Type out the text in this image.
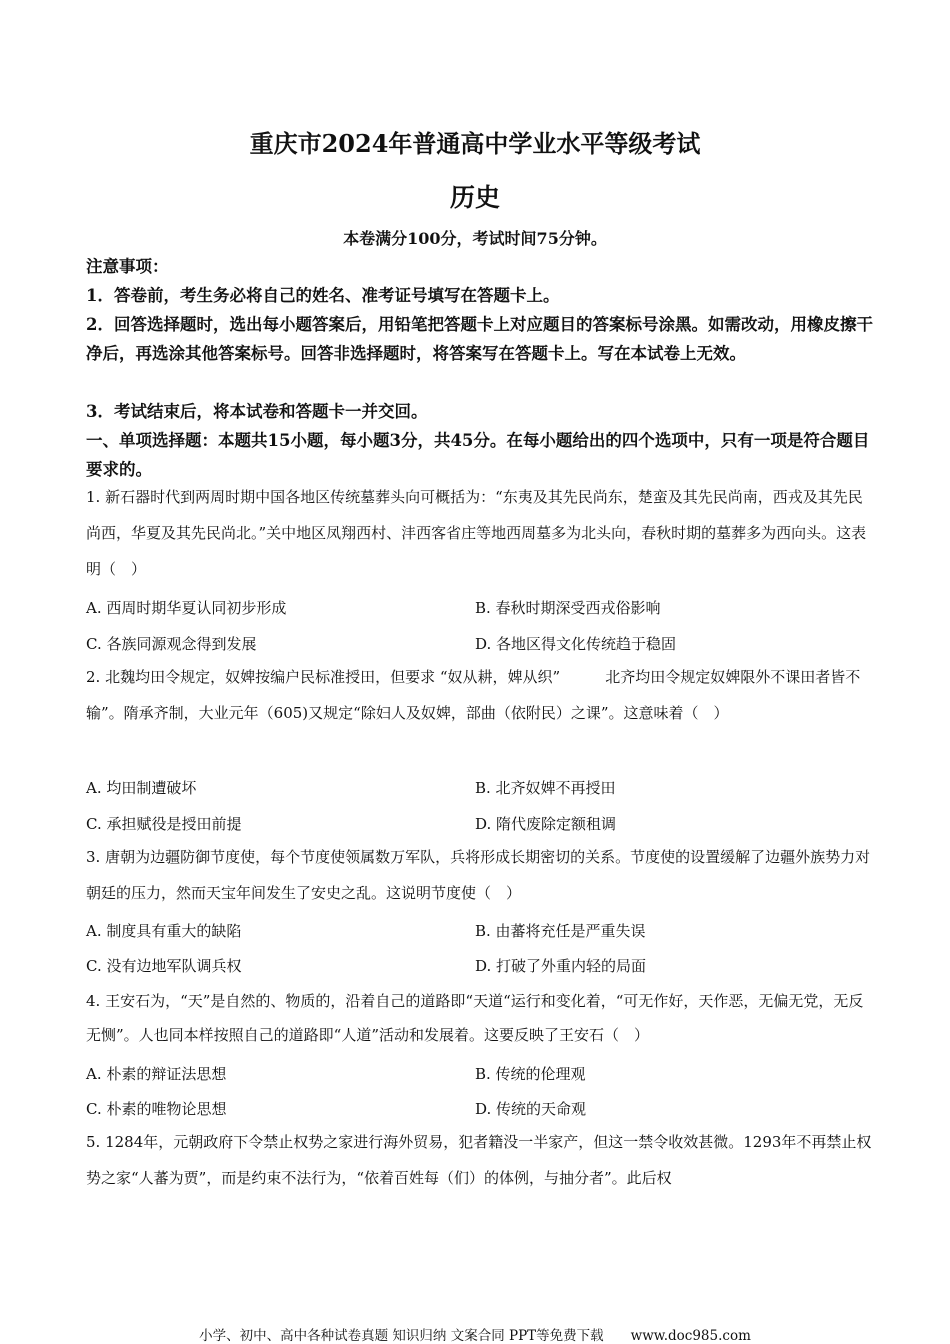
重庆市2024年普通高中学业水平等级考试
历史
本卷满分100分，考试时间75分钟。
注意事项：
1．答卷前，考生务必将自己的姓名、准考证号填写在答题卡上。
2．回答选择题时，选出每小题答案后，用铅笔把答题卡上对应题目的答案标号涂黑。如需改动，用橡皮擦干净后，再选涂其他答案标号。回答非选择题时，将答案写在答题卡上。写在本试卷上无效。
3．考试结束后，将本试卷和答题卡一并交回。
一、单项选择题：本题共15小题，每小题3分，共45分。在每小题给出的四个选项中，只有一项是符合题目要求的。
1. 新石器时代到两周时期中国各地区传统墓葬头向可概括为：“东夷及其先民尚东，楚蛮及其先民尚南，西戎及其先民尚西，华夏及其先民尚北。”关中地区凤翔西村、沣西客省庄等地西周墓多为北头向，春秋时期的墓葬多为西向头。这表明（　）
A. 西周时期华夏认同初步形成	B. 春秋时期深受西戎俗影响
C. 各族同源观念得到发展	D. 各地区得文化传统趋于稳固
2. 北魏均田令规定，奴婢按编户民标准授田，但要求 “奴从耕，婢从织”　　　北齐均田令规定奴婢限外不课田者皆不输”。隋承齐制，大业元年（605)又规定“除妇人及奴婢，部曲（依附民）之课”。这意味着（　）
A. 均田制遭破坏	B. 北齐奴婢不再授田
C. 承担赋役是授田前提	D. 隋代废除定额租调
3. 唐朝为边疆防御节度使，每个节度使领属数万军队，兵将形成长期密切的关系。节度使的设置缓解了边疆外族势力对朝廷的压力，然而天宝年间发生了安史之乱。这说明节度使（　）
A. 制度具有重大的缺陷	B. 由蕃将充任是严重失误
C. 没有边地军队调兵权	D. 打破了外重内轻的局面
4. 王安石为，“天”是自然的、物质的，沿着自己的道路即“天道“运行和变化着，“可无作好，天作恶，无偏无党，无反无恻”。人也同本样按照自己的道路即“人道”活动和发展着。这要反映了王安石（　）
A. 朴素的辩证法思想	B. 传统的伦理观
C. 朴素的唯物论思想	D. 传统的天命观
5. 1284年，元朝政府下令禁止权势之家进行海外贸易，犯者籍没一半家产，但这一禁令收效甚微。1293年不再禁止权势之家“人蕃为贾”，而是约束不法行为，“依着百姓每（们）的体例，与抽分者”。此后权
小学、初中、高中各种试卷真题 知识归纳 文案合同 PPT等免费下载　　www.doc985.com
